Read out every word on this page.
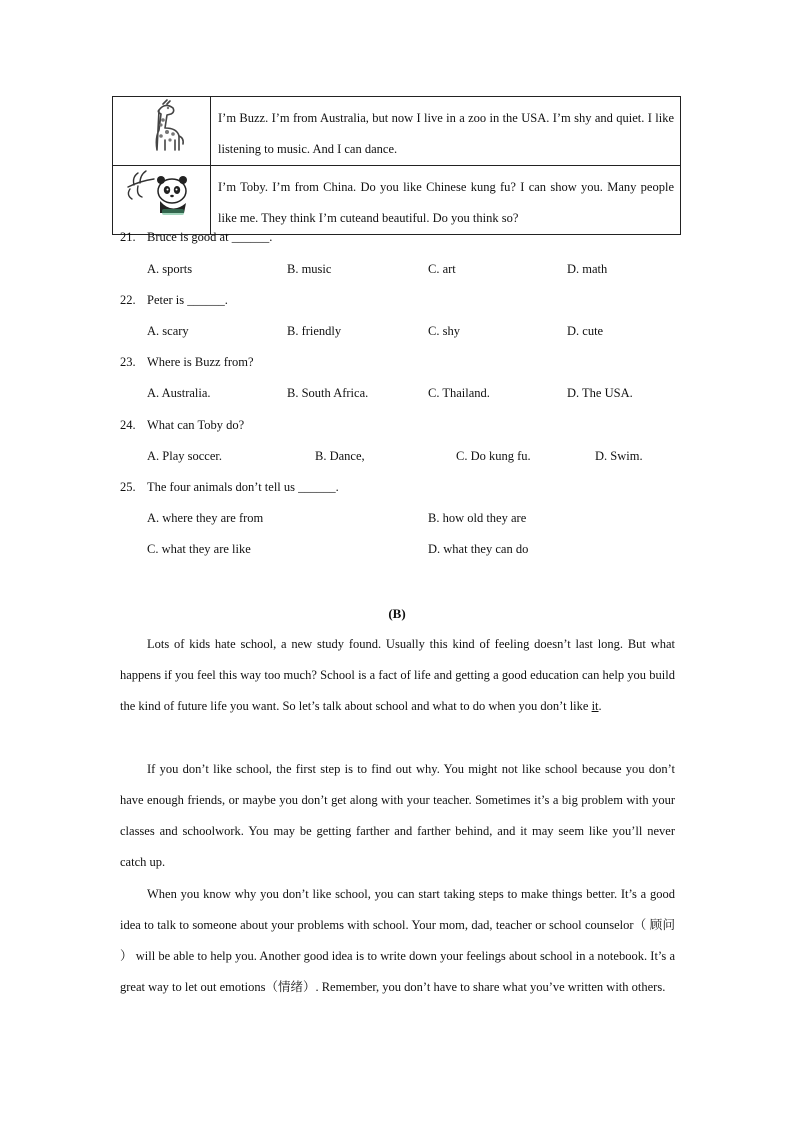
	I’m Buzz. I’m from Australia, but now I live in a zoo in the USA. I’m shy and quiet. I like listening to music. And I can dance.
	I’m Toby. I’m from China. Do you like Chinese kung fu? I can show you. Many people like me. They think I’m cuteand beautiful. Do you think so?
21. Bruce is good at ______.
A. sports	B. music	C. art	D. math
22. Peter is ______.
A. scary	B. friendly	C. shy	D. cute
23. Where is Buzz from?
A. Australia.	B. South Africa.	C. Thailand.	D. The USA.
24. What can Toby do?
A. Play soccer.	B. Dance,	C. Do kung fu.	D. Swim.
25. The four animals don’t tell us ______.
A. where they are from	B. how old they are
C. what they are like	D. what they can do
(B)
Lots of kids hate school, a new study found. Usually this kind of feeling doesn’t last long. But what happens if you feel this way too much? School is a fact of life and getting a good education can help you build the kind of future life you want. So let’s talk about school and what to do when you don’t like it.
If you don’t like school, the first step is to find out why. You might not like school because you don’t have enough friends, or maybe you don’t get along with your teacher. Sometimes it’s a big problem with your classes and schoolwork. You may be getting farther and farther behind, and it may seem like you’ll never catch up.
When you know why you don’t like school, you can start taking steps to make things better. It’s a good idea to talk to someone about your problems with school. Your mom, dad, teacher or school counselor（ 顾问 ） will be able to help you. Another good idea is to write down your feelings about school in a notebook. It’s a great way to let out emotions（情绪）. Remember, you don’t have to share what you’ve written with others.
